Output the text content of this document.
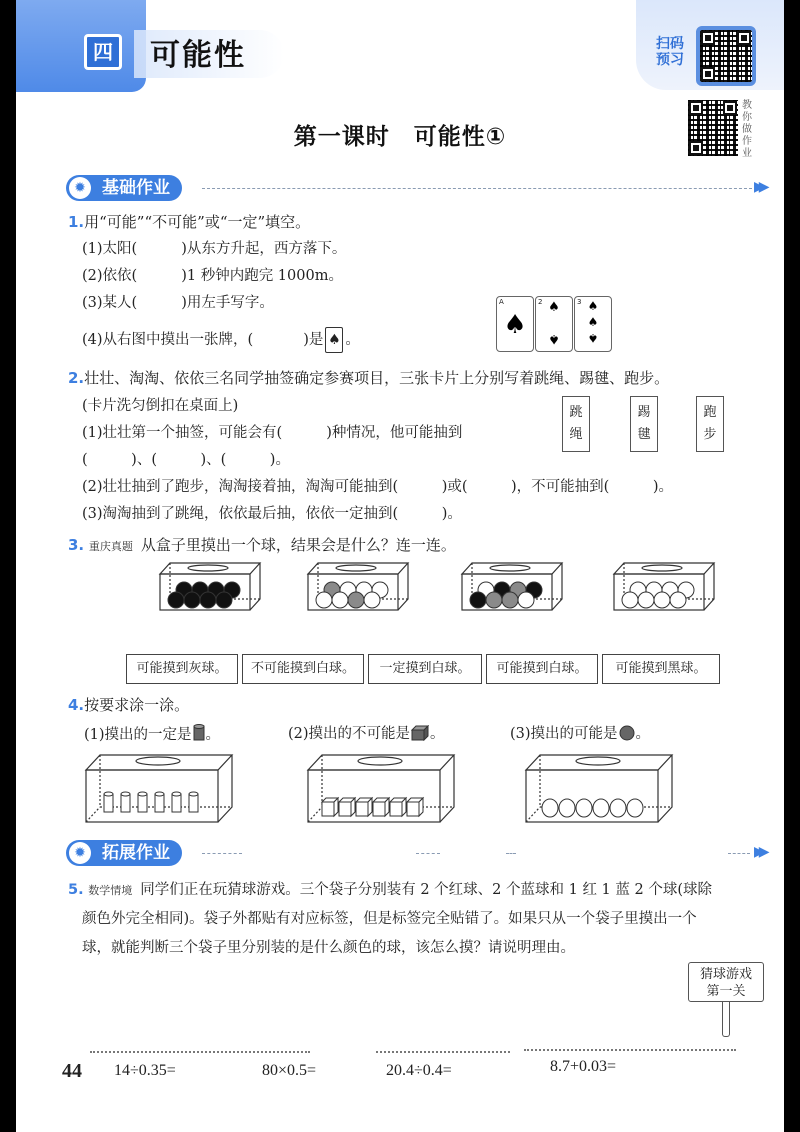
四	可能性	扫码
预习
教你做作业
第一课时　可能性①
✹ 基础作业	▶▶
1.用“可能”“不可能”或“一定”填空。
(1)太阳(	)从东方升起，西方落下。
(2)依依(	)1 秒钟内跑完 1000m。
(3)某人(	)用左手写字。
(4)从右图中摸出一张牌，(	)是 ♠ 。
A
♠
2 ♠
♠
3 ♠
♠
♠
2.壮壮、淘淘、依依三名同学抽签确定参赛项目，三张卡片上分别写着跳绳、踢毽、跑步。
(卡片洗匀倒扣在桌面上)
(1)壮壮第一个抽签，可能会有(	)种情况，他可能抽到
(　　　)、(　　　)、(　　　)。
(2)壮壮抽到了跑步，淘淘接着抽，淘淘可能抽到(　　　)或(　　　)，不可能抽到(　　　)。
(3)淘淘抽到了跳绳，依依最后抽，依依一定抽到(　　　)。
跳
绳
踢
毽
跑
步
3. 重庆真题 从盒子里摸出一个球，结果会是什么？连一连。
可能摸到灰球。	不可能摸到白球。	一定摸到白球。	可能摸到白球。	可能摸到黑球。
4.按要求涂一涂。
(1)摸出的一定是 。	(2)摸出的不可能是 。	(3)摸出的可能是 。
✹ 拓展作业	▶▶
5. 数学情境 同学们正在玩猜球游戏。三个袋子分别装有 2 个红球、2 个蓝球和 1 红 1 蓝 2 个球(球除
颜色外完全相同)。袋子外都贴有对应标签，但是标签完全贴错了。如果只从一个袋子里摸出一个
球，就能判断三个袋子里分别装的是什么颜色的球，该怎么摸？请说明理由。
猜球游戏
第一关
44 14÷0.35=	80×0.5=	20.4÷0.4=	8.7+0.03=
